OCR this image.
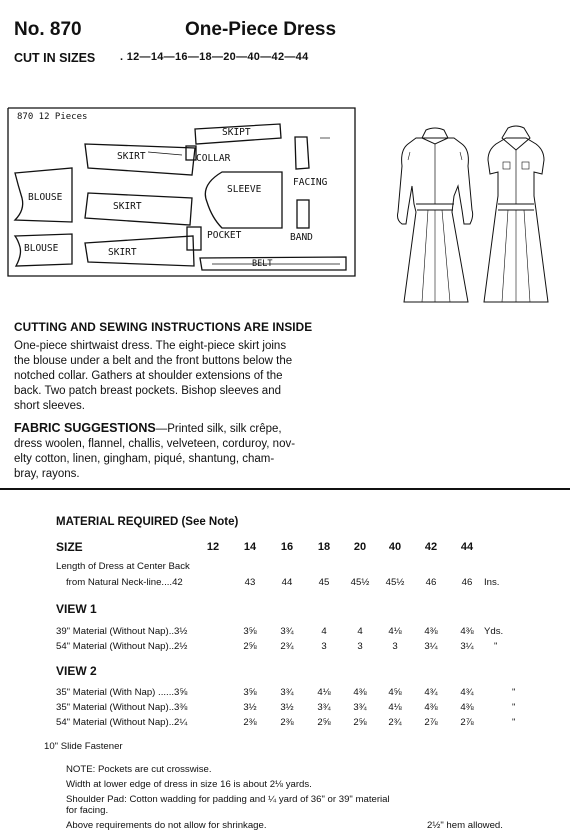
No. 870	One-Piece Dress
CUT IN SIZES . 12—14—16—18—20—40—42—44
870 12 Pieces
SKIPT
SKIRT	COLLAR
FACING
SLEEVE
BLOUSE
SKIRT
POCKET	BAND
BLOUSE	SKIRT
BELT
CUTTING AND SEWING INSTRUCTIONS ARE INSIDE
One-piece shirtwaist dress. The eight-piece skirt joins
the blouse under a belt and the front buttons below the
notched collar. Gathers at shoulder extensions of the
back. Two patch breast pockets. Bishop sleeves and
short sleeves.
FABRIC SUGGESTIONS—Printed silk, silk crêpe,
dress woolen, flannel, challis, velveteen, corduroy, nov-
elty cotton, linen, gingham, piqué, shantung, cham-
bray, rayons.
MATERIAL REQUIRED (See Note)
SIZE	12	14	16	18	20	40	42	44
Length of Dress at Center Back
from Natural Neck-line....42	43	44	45	45½	45½	46	46	Ins.
VIEW 1
39" Material (Without Nap)..3½	3⅝	3¾	4	4	4⅛	4⅜	4⅜	Yds.
54" Material (Without Nap)..2½	2⅝	2¾	3	3	3	3¼	3¼	"
VIEW 2
35" Material (With Nap) ......3⅝	3⅝	3¾	4⅛	4⅜	4⅝	4¾	4¾	"
35" Material (Without Nap)..3⅜	3½	3½	3¾	3¾	4⅛	4⅜	4⅜	"
54" Material (Without Nap)..2¼	2⅜	2⅜	2⅝	2⅝	2¾	2⅞	2⅞	"
10" Slide Fastener
NOTE: Pockets are cut crosswise.
Width at lower edge of dress in size 16 is about 2⅛ yards.
Shoulder Pad: Cotton wadding for padding and ¼ yard of 36" or 39" material
for facing.
Above requirements do not allow for shrinkage.	2½" hem allowed.
